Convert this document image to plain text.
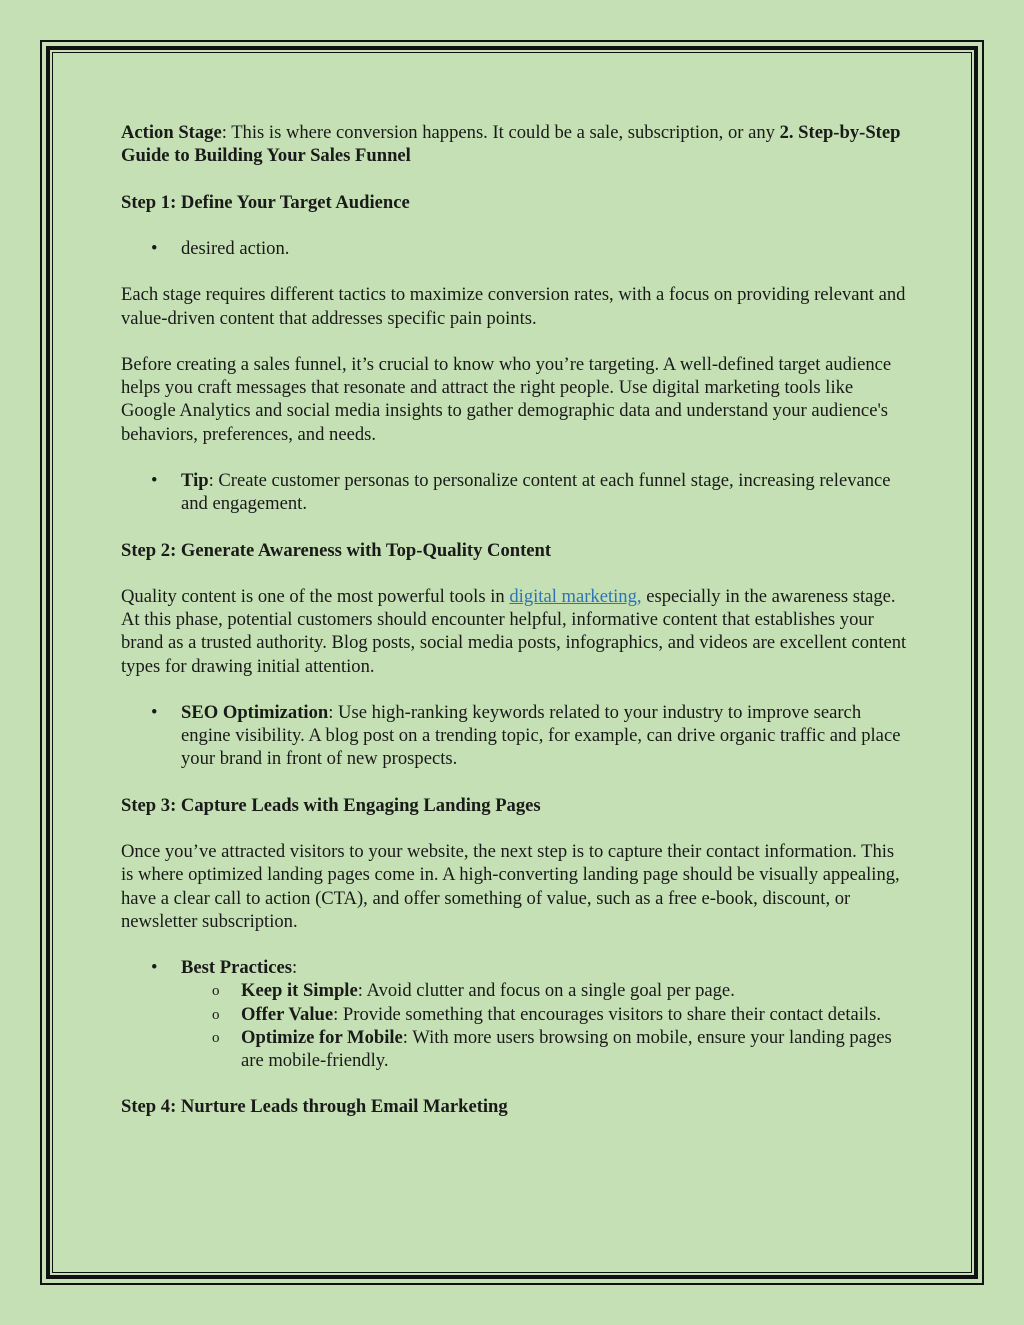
Action Stage: This is where conversion happens. It could be a sale, subscription, or any 2. Step-by-Step Guide to Building Your Sales Funnel

Step 1: Define Your Target Audience

• desired action.

Each stage requires different tactics to maximize conversion rates, with a focus on providing relevant and value-driven content that addresses specific pain points.

Before creating a sales funnel, it’s crucial to know who you’re targeting. A well-defined target audience helps you craft messages that resonate and attract the right people. Use digital marketing tools like Google Analytics and social media insights to gather demographic data and understand your audience's behaviors, preferences, and needs.

• Tip: Create customer personas to personalize content at each funnel stage, increasing relevance and engagement.

Step 2: Generate Awareness with Top-Quality Content

Quality content is one of the most powerful tools in digital marketing, especially in the awareness stage. At this phase, potential customers should encounter helpful, informative content that establishes your brand as a trusted authority. Blog posts, social media posts, infographics, and videos are excellent content types for drawing initial attention.

• SEO Optimization: Use high-ranking keywords related to your industry to improve search engine visibility. A blog post on a trending topic, for example, can drive organic traffic and place your brand in front of new prospects.

Step 3: Capture Leads with Engaging Landing Pages

Once you’ve attracted visitors to your website, the next step is to capture their contact information. This is where optimized landing pages come in. A high-converting landing page should be visually appealing, have a clear call to action (CTA), and offer something of value, such as a free e-book, discount, or newsletter subscription.

• Best Practices:
o Keep it Simple: Avoid clutter and focus on a single goal per page.
o Offer Value: Provide something that encourages visitors to share their contact details.
o Optimize for Mobile: With more users browsing on mobile, ensure your landing pages are mobile-friendly.

Step 4: Nurture Leads through Email Marketing
